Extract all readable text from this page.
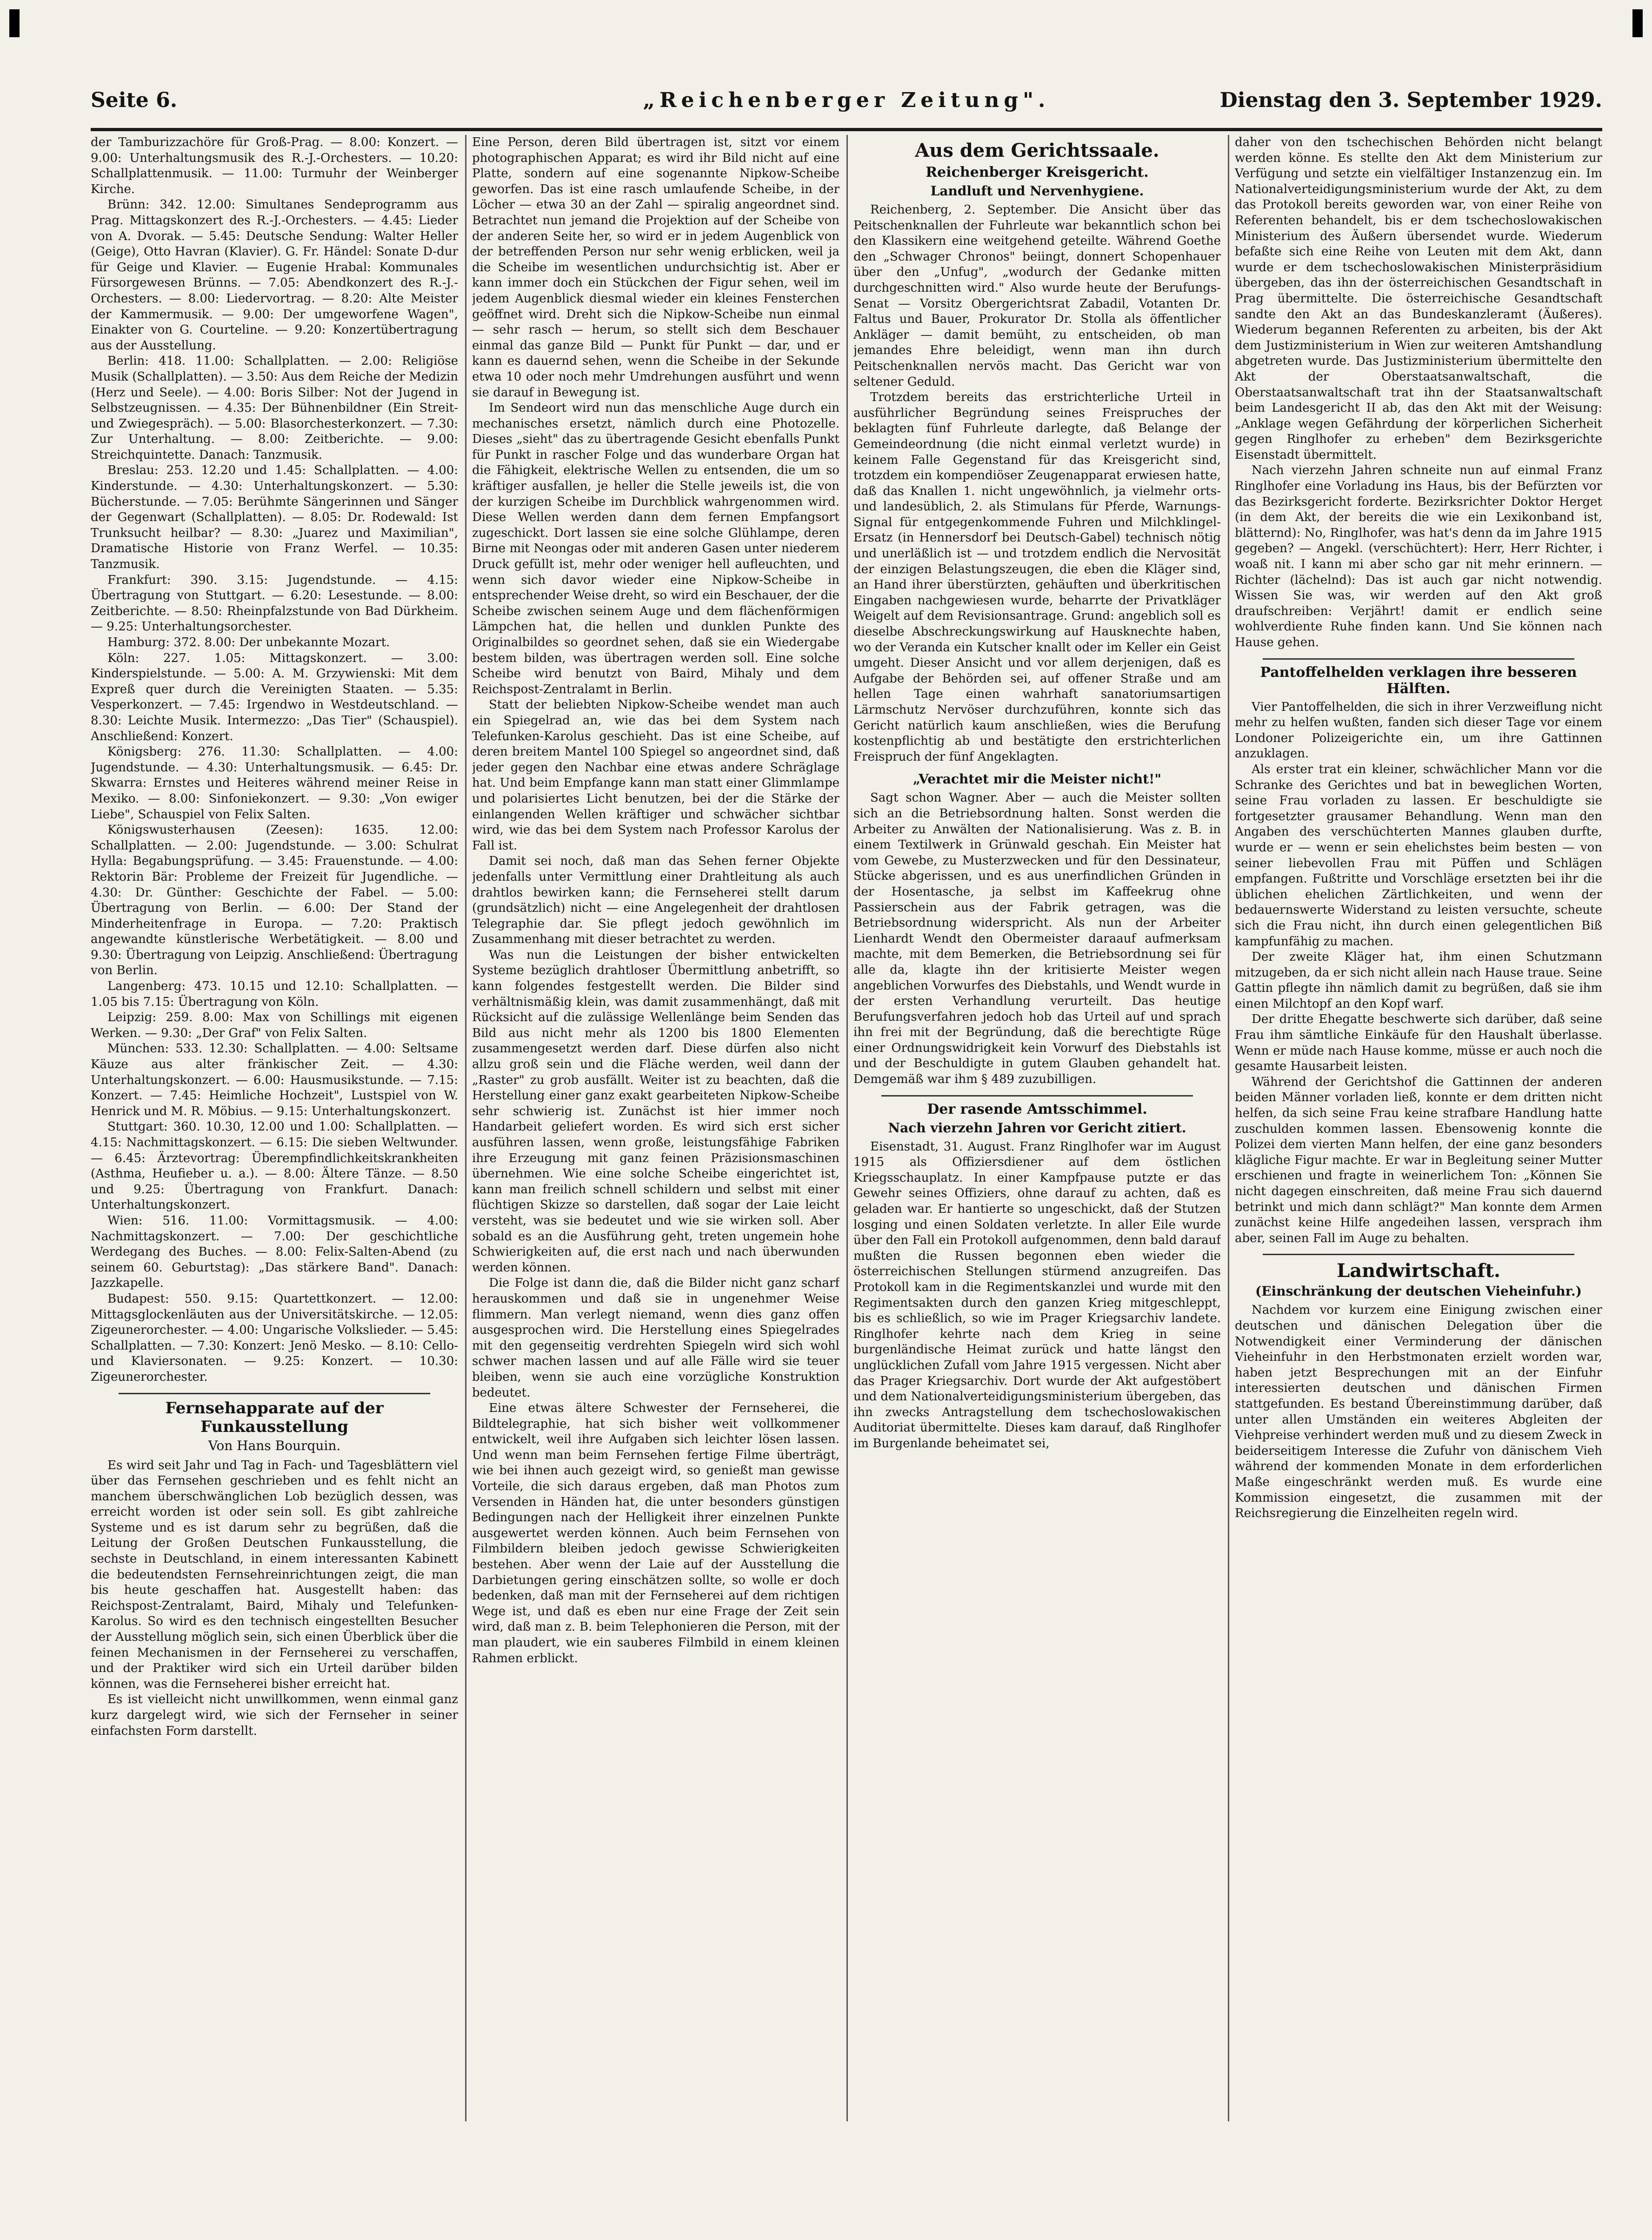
Seite 6.	„Reichenberger Zeitung".	Dienstag den 3. September 1929.

der Tamburizzachöre für Groß-Prag. — 8.00: Konzert. — 9.00: Unterhaltungsmusik des R.-J.-Orchesters. — 10.20: Schallplattenmusik. — 11.00: Turmuhr der Weinberger Kirche.

Brünn: 342. 12.00: Simultanes Sendeprogramm aus Prag. Mittagskonzert des R.-J.-Orchesters. — 4.45: Lieder von A. Dvorak. — 5.45: Deutsche Sendung: Walter Heller (Geige), Otto Havran (Klavier). G. Fr. Händel: Sonate D-dur für Geige und Klavier. — Eugenie Hrabal: Kommunales Fürsorgewesen Brünns. — 7.05: Abendkonzert des R.-J.-Orchesters. — 8.00: Liedervortrag. — 8.20: Alte Meister der Kammermusik. — 9.00: Der umgeworfene Wagen", Einakter von G. Courteline. — 9.20: Konzertübertragung aus der Ausstellung.

Berlin: 418. 11.00: Schallplatten. — 2.00: Religiöse Musik (Schallplatten). — 3.50: Aus dem Reiche der Medizin (Herz und Seele). — 4.00: Boris Silber: Not der Jugend in Selbstzeugnissen. — 4.35: Der Bühnenbildner (Ein Streit- und Zwiegespräch). — 5.00: Blasorchesterkonzert. — 7.30: Zur Unterhaltung. — 8.00: Zeitberichte. — 9.00: Streichquintette. Danach: Tanzmusik.

Breslau: 253. 12.20 und 1.45: Schallplatten. — 4.00: Kinderstunde. — 4.30: Unterhaltungskonzert. — 5.30: Bücherstunde. — 7.05: Berühmte Sängerinnen und Sänger der Gegenwart (Schallplatten). — 8.05: Dr. Rodewald: Ist Trunksucht heilbar? — 8.30: „Juarez und Maximilian", Dramatische Historie von Franz Werfel. — 10.35: Tanzmusik.

Frankfurt: 390. 3.15: Jugendstunde. — 4.15: Übertragung von Stuttgart. — 6.20: Lesestunde. — 8.00: Zeitberichte. — 8.50: Rheinpfalzstunde von Bad Dürkheim. — 9.25: Unterhaltungsorchester.

Hamburg: 372. 8.00: Der unbekannte Mozart.

Köln: 227. 1.05: Mittagskonzert. — 3.00: Kinderspielstunde. — 5.00: A. M. Grzywienski: Mit dem Expreß quer durch die Vereinigten Staaten. — 5.35: Vesperkonzert. — 7.45: Irgendwo in Westdeutschland. — 8.30: Leichte Musik. Intermezzo: „Das Tier" (Schauspiel). Anschließend: Konzert.

Königsberg: 276. 11.30: Schallplatten. — 4.00: Jugendstunde. — 4.30: Unterhaltungsmusik. — 6.45: Dr. Skwarra: Ernstes und Heiteres während meiner Reise in Mexiko. — 8.00: Sinfoniekonzert. — 9.30: „Von ewiger Liebe", Schauspiel von Felix Salten.

Königswusterhausen (Zeesen): 1635. 12.00: Schallplatten. — 2.00: Jugendstunde. — 3.00: Schulrat Hylla: Begabungsprüfung. — 3.45: Frauenstunde. — 4.00: Rektorin Bär: Probleme der Freizeit für Jugendliche. — 4.30: Dr. Günther: Geschichte der Fabel. — 5.00: Übertragung von Berlin. — 6.00: Der Stand der Minderheitenfrage in Europa. — 7.20: Praktisch angewandte künstlerische Werbetätigkeit. — 8.00 und 9.30: Übertragung von Leipzig. Anschließend: Übertragung von Berlin.

Langenberg: 473. 10.15 und 12.10: Schallplatten. — 1.05 bis 7.15: Übertragung von Köln.

Leipzig: 259. 8.00: Max von Schillings mit eigenen Werken. — 9.30: „Der Graf" von Felix Salten.

München: 533. 12.30: Schallplatten. — 4.00: Seltsame Käuze aus alter fränkischer Zeit. — 4.30: Unterhaltungskonzert. — 6.00: Hausmusikstunde. — 7.15: Konzert. — 7.45: Heimliche Hochzeit", Lustspiel von W. Henrick und M. R. Möbius. — 9.15: Unterhaltungskonzert.

Stuttgart: 360. 10.30, 12.00 und 1.00: Schallplatten. — 4.15: Nachmittagskonzert. — 6.15: Die sieben Weltwunder. — 6.45: Ärztevortrag: Überempfindlichkeitskrankheiten (Asthma, Heufieber u. a.). — 8.00: Ältere Tänze. — 8.50 und 9.25: Übertragung von Frankfurt. Danach: Unterhaltungskonzert.

Wien: 516. 11.00: Vormittagsmusik. — 4.00: Nachmittagskonzert. — 7.00: Der geschichtliche Werdegang des Buches. — 8.00: Felix-Salten-Abend (zu seinem 60. Geburtstag): „Das stärkere Band". Danach: Jazzkapelle.

Budapest: 550. 9.15: Quartettkonzert. — 12.00: Mittagsglockenläuten aus der Universitätskirche. — 12.05: Zigeunerorchester. — 4.00: Ungarische Volkslieder. — 5.45: Schallplatten. — 7.30: Konzert: Jenö Mesko. — 8.10: Cello- und Klaviersonaten. — 9.25: Konzert. — 10.30: Zigeunerorchester.

Fernsehapparate auf der Funkausstellung
Von Hans Bourquin.

Es wird seit Jahr und Tag in Fach- und Tagesblättern viel über das Fernsehen geschrieben und es fehlt nicht an manchem überschwänglichen Lob bezüglich dessen, was erreicht worden ist oder sein soll. Es gibt zahlreiche Systeme und es ist darum sehr zu begrüßen, daß die Leitung der Großen Deutschen Funkausstellung, die sechste in Deutschland, in einem interessanten Kabinett die bedeutendsten Fernsehreinrichtungen zeigt, die man bis heute geschaffen hat. Ausgestellt haben: das Reichspost-Zentralamt, Baird, Mihaly und Telefunken-Karolus. So wird es den technisch eingestellten Besucher der Ausstellung möglich sein, sich einen Überblick über die feinen Mechanismen in der Fernseherei zu verschaffen, und der Praktiker wird sich ein Urteil darüber bilden können, was die Fernseherei bisher erreicht hat.

Es ist vielleicht nicht unwillkommen, wenn einmal ganz kurz dargelegt wird, wie sich der Fernseher in seiner einfachsten Form darstellt.

Eine Person, deren Bild übertragen ist, sitzt vor einem photographischen Apparat; es wird ihr Bild nicht auf eine Platte, sondern auf eine sogenannte Nipkow-Scheibe geworfen. Das ist eine rasch umlaufende Scheibe, in der Löcher — etwa 30 an der Zahl — spiralig angeordnet sind. Betrachtet nun jemand die Projektion auf der Scheibe von der anderen Seite her, so wird er in jedem Augenblick von der betreffenden Person nur sehr wenig erblicken, weil ja die Scheibe im wesentlichen undurchsichtig ist. Aber er kann immer doch ein Stückchen der Figur sehen, weil im jedem Augenblick diesmal wieder ein kleines Fensterchen geöffnet wird. Dreht sich die Nipkow-Scheibe nun einmal — sehr rasch — herum, so stellt sich dem Beschauer einmal das ganze Bild — Punkt für Punkt — dar, und er kann es dauernd sehen, wenn die Scheibe in der Sekunde etwa 10 oder noch mehr Umdrehungen ausführt und wenn sie darauf in Bewegung ist.

Im Sendeort wird nun das menschliche Auge durch ein mechanisches ersetzt, nämlich durch eine Photozelle. Dieses „sieht" das zu übertragende Gesicht ebenfalls Punkt für Punkt in rascher Folge und das wunderbare Organ hat die Fähigkeit, elektrische Wellen zu entsenden, die um so kräftiger ausfallen, je heller die Stelle jeweils ist, die von der kurzigen Scheibe im Durchblick wahrgenommen wird. Diese Wellen werden dann dem fernen Empfangsort zugeschickt. Dort lassen sie eine solche Glühlampe, deren Birne mit Neongas oder mit anderen Gasen unter niederem Druck gefüllt ist, mehr oder weniger hell aufleuchten, und wenn sich davor wieder eine Nipkow-Scheibe in entsprechender Weise dreht, so wird ein Beschauer, der die Scheibe zwischen seinem Auge und dem flächenförmigen Lämpchen hat, die hellen und dunklen Punkte des Originalbildes so geordnet sehen, daß sie ein Wiedergabe bestem bilden, was übertragen werden soll. Eine solche Scheibe wird benutzt von Baird, Mihaly und dem Reichspost-Zentralamt in Berlin.

Statt der beliebten Nipkow-Scheibe wendet man auch ein Spiegelrad an, wie das bei dem System nach Telefunken-Karolus geschieht. Das ist eine Scheibe, auf deren breitem Mantel 100 Spiegel so angeordnet sind, daß jeder gegen den Nachbar eine etwas andere Schräglage hat. Und beim Empfange kann man statt einer Glimmlampe und polarisiertes Licht benutzen, bei der die Stärke der einlangenden Wellen kräftiger und schwächer sichtbar wird, wie das bei dem System nach Professor Karolus der Fall ist.

Damit sei noch, daß man das Sehen ferner Objekte jedenfalls unter Vermittlung einer Drahtleitung als auch drahtlos bewirken kann; die Fernseherei stellt darum (grundsätzlich) nicht — eine Angelegenheit der drahtlosen Telegraphie dar. Sie pflegt jedoch gewöhnlich im Zusammenhang mit dieser betrachtet zu werden.

Was nun die Leistungen der bisher entwickelten Systeme bezüglich drahtloser Übermittlung anbetrifft, so kann folgendes festgestellt werden. Die Bilder sind verhältnismäßig klein, was damit zusammenhängt, daß mit Rücksicht auf die zulässige Wellenlänge beim Senden das Bild aus nicht mehr als 1200 bis 1800 Elementen zusammengesetzt werden darf. Diese dürfen also nicht allzu groß sein und die Fläche werden, weil dann der „Raster" zu grob ausfällt. Weiter ist zu beachten, daß die Herstellung einer ganz exakt gearbeiteten Nipkow-Scheibe sehr schwierig ist. Zunächst ist hier immer noch Handarbeit geliefert worden. Es wird sich erst sicher ausführen lassen, wenn große, leistungsfähige Fabriken ihre Erzeugung mit ganz feinen Präzisionsmaschinen übernehmen. Wie eine solche Scheibe eingerichtet ist, kann man freilich schnell schildern und selbst mit einer flüchtigen Skizze so darstellen, daß sogar der Laie leicht versteht, was sie bedeutet und wie sie wirken soll. Aber sobald es an die Ausführung geht, treten ungemein hohe Schwierigkeiten auf, die erst nach und nach überwunden werden können.

Die Folge ist dann die, daß die Bilder nicht ganz scharf herauskommen und daß sie in ungenehmer Weise flimmern. Man verlegt niemand, wenn dies ganz offen ausgesprochen wird. Die Herstellung eines Spiegelrades mit den gegenseitig verdrehten Spiegeln wird sich wohl schwer machen lassen und auf alle Fälle wird sie teuer bleiben, wenn sie auch eine vorzügliche Konstruktion bedeutet.

Eine etwas ältere Schwester der Fernseherei, die Bildtelegraphie, hat sich bisher weit vollkommener entwickelt, weil ihre Aufgaben sich leichter lösen lassen. Und wenn man beim Fernsehen fertige Filme überträgt, wie bei ihnen auch gezeigt wird, so genießt man gewisse Vorteile, die sich daraus ergeben, daß man Photos zum Versenden in Händen hat, die unter besonders günstigen Bedingungen nach der Helligkeit ihrer einzelnen Punkte ausgewertet werden können. Auch beim Fernsehen von Filmbildern bleiben jedoch gewisse Schwierigkeiten bestehen. Aber wenn der Laie auf der Ausstellung die Darbietungen gering einschätzen sollte, so wolle er doch bedenken, daß man mit der Fernseherei auf dem richtigen Wege ist, und daß es eben nur eine Frage der Zeit sein wird, daß man z. B. beim Telephonieren die Person, mit der man plaudert, wie ein sauberes Filmbild in einem kleinen Rahmen erblickt.

Aus dem Gerichtssaale.
Reichenberger Kreisgericht.
Landluft und Nervenhygiene.

Reichenberg, 2. September. Die Ansicht über das Peitschenknallen der Fuhrleute war bekanntlich schon bei den Klassikern eine weitgehend geteilte. Während Goethe den „Schwager Chronos" beiingt, donnert Schopenhauer über den „Unfug", „wodurch der Gedanke mitten durchgeschnitten wird." Also wurde heute der Berufungs-Senat — Vorsitz Obergerichtsrat Zabadil, Votanten Dr. Faltus und Bauer, Prokurator Dr. Stolla als öffentlicher Ankläger — damit bemüht, zu entscheiden, ob man jemandes Ehre beleidigt, wenn man ihn durch Peitschenknallen nervös macht. Das Gericht war von seltener Geduld.

Trotzdem bereits das erstrichterliche Urteil in ausführlicher Begründung seines Freispruches der beklagten fünf Fuhrleute darlegte, daß Belange der Gemeindeordnung (die nicht einmal verletzt wurde) in keinem Falle Gegenstand für das Kreisgericht sind, trotzdem ein kompendiöser Zeugenapparat erwiesen hatte, daß das Knallen 1. nicht ungewöhnlich, ja vielmehr orts- und landesüblich, 2. als Stimulans für Pferde, Warnungs-Signal für entgegenkommende Fuhren und Milchklingel-Ersatz (in Hennersdorf bei Deutsch-Gabel) technisch nötig und unerläßlich ist — und trotzdem endlich die Nervosität der einzigen Belastungszeugen, die eben die Kläger sind, an Hand ihrer überstürzten, gehäuften und überkritischen Eingaben nachgewiesen wurde, beharrte der Privatkläger Weigelt auf dem Revisionsantrage. Grund: angeblich soll es dieselbe Abschreckungswirkung auf Hausknechte haben, wo der Veranda ein Kutscher knallt oder im Keller ein Geist umgeht. Dieser Ansicht und vor allem derjenigen, daß es Aufgabe der Behörden sei, auf offener Straße und am hellen Tage einen wahrhaft sanatoriumsartigen Lärmschutz Nervöser durchzuführen, konnte sich das Gericht natürlich kaum anschließen, wies die Berufung kostenpflichtig ab und bestätigte den erstrichterlichen Freispruch der fünf Angeklagten.

„Verachtet mir die Meister nicht!"

Sagt schon Wagner. Aber — auch die Meister sollten sich an die Betriebsordnung halten. Sonst werden die Arbeiter zu Anwälten der Nationalisierung. Was z. B. in einem Textilwerk in Grünwald geschah. Ein Meister hat vom Gewebe, zu Musterzwecken und für den Dessinateur, Stücke abgerissen, und es aus unerfindlichen Gründen in der Hosentasche, ja selbst im Kaffeekrug ohne Passierschein aus der Fabrik getragen, was die Betriebsordnung widerspricht. Als nun der Arbeiter Lienhardt Wendt den Obermeister daraauf aufmerksam machte, mit dem Bemerken, die Betriebsordnung sei für alle da, klagte ihn der kritisierte Meister wegen angeblichen Vorwurfes des Diebstahls, und Wendt wurde in der ersten Verhandlung verurteilt. Das heutige Berufungsverfahren jedoch hob das Urteil auf und sprach ihn frei mit der Begründung, daß die berechtigte Rüge einer Ordnungswidrigkeit kein Vorwurf des Diebstahls ist und der Beschuldigte in gutem Glauben gehandelt hat. Demgemäß war ihm § 489 zuzubilligen.

Der rasende Amtsschimmel.
Nach vierzehn Jahren vor Gericht zitiert.

Eisenstadt, 31. August. Franz Ringlhofer war im August 1915 als Offiziersdiener auf dem östlichen Kriegsschauplatz. In einer Kampfpause putzte er das Gewehr seines Offiziers, ohne darauf zu achten, daß es geladen war. Er hantierte so ungeschickt, daß der Stutzen losging und einen Soldaten verletzte. In aller Eile wurde über den Fall ein Protokoll aufgenommen, denn bald darauf mußten die Russen begonnen eben wieder die österreichischen Stellungen stürmend anzugreifen. Das Protokoll kam in die Regimentskanzlei und wurde mit den Regimentsakten durch den ganzen Krieg mitgeschleppt, bis es schließlich, so wie im Prager Kriegsarchiv landete. Ringlhofer kehrte nach dem Krieg in seine burgenländische Heimat zurück und hatte längst den unglücklichen Zufall vom Jahre 1915 vergessen. Nicht aber das Prager Kriegsarchiv. Dort wurde der Akt aufgestöbert und dem Nationalverteidigungsministerium übergeben, das ihn zwecks Antragstellung dem tschechoslowakischen Auditoriat übermittelte. Dieses kam darauf, daß Ringlhofer im Burgenlande beheimatet sei,

daher von den tschechischen Behörden nicht belangt werden könne. Es stellte den Akt dem Ministerium zur Verfügung und setzte ein vielfältiger Instanzenzug ein. Im Nationalverteidigungsministerium wurde der Akt, zu dem das Protokoll bereits geworden war, von einer Reihe von Referenten behandelt, bis er dem tschechoslowakischen Ministerium des Äußern übersendet wurde. Wiederum befaßte sich eine Reihe von Leuten mit dem Akt, dann wurde er dem tschechoslowakischen Ministerpräsidium übergeben, das ihn der österreichischen Gesandtschaft in Prag übermittelte. Die österreichische Gesandtschaft sandte den Akt an das Bundeskanzleramt (Äußeres). Wiederum begannen Referenten zu arbeiten, bis der Akt dem Justizministerium in Wien zur weiteren Amtshandlung abgetreten wurde. Das Justizministerium übermittelte den Akt der Oberstaatsanwaltschaft, die Oberstaatsanwaltschaft trat ihn der Staatsanwaltschaft beim Landesgericht II ab, das den Akt mit der Weisung: „Anklage wegen Gefährdung der körperlichen Sicherheit gegen Ringlhofer zu erheben" dem Bezirksgerichte Eisenstadt übermittelt.

Nach vierzehn Jahren schneite nun auf einmal Franz Ringlhofer eine Vorladung ins Haus, bis der Befürzten vor das Bezirksgericht forderte. Bezirksrichter Doktor Herget (in dem Akt, der bereits die wie ein Lexikonband ist, blätternd): No, Ringlhofer, was hat's denn da im Jahre 1915 gegeben? — Angekl. (verschüchtert): Herr, Herr Richter, i woaß nit. I kann mi aber scho gar nit mehr erinnern. — Richter (lächelnd): Das ist auch gar nicht notwendig. Wissen Sie was, wir werden auf den Akt groß draufschreiben: Verjährt! damit er endlich seine wohlverdiente Ruhe finden kann. Und Sie können nach Hause gehen.

Pantoffelhelden verklagen ihre besseren Hälften.

Vier Pantoffelhelden, die sich in ihrer Verzweiflung nicht mehr zu helfen wußten, fanden sich dieser Tage vor einem Londoner Polizeigerichte ein, um ihre Gattinnen anzuklagen.

Als erster trat ein kleiner, schwächlicher Mann vor die Schranke des Gerichtes und bat in beweglichen Worten, seine Frau vorladen zu lassen. Er beschuldigte sie fortgesetzter grausamer Behandlung. Wenn man den Angaben des verschüchterten Mannes glauben durfte, wurde er — wenn er sein ehelichstes beim besten — von seiner liebevollen Frau mit Püffen und Schlägen empfangen. Fußtritte und Vorschläge ersetzten bei ihr die üblichen ehelichen Zärtlichkeiten, und wenn der bedauernswerte Widerstand zu leisten versuchte, scheute sich die Frau nicht, ihn durch einen gelegentlichen Biß kampfunfähig zu machen.

Der zweite Kläger hat, ihm einen Schutzmann mitzugeben, da er sich nicht allein nach Hause traue. Seine Gattin pflegte ihn nämlich damit zu begrüßen, daß sie ihm einen Milchtopf an den Kopf warf.

Der dritte Ehegatte beschwerte sich darüber, daß seine Frau ihm sämtliche Einkäufe für den Haushalt überlasse. Wenn er müde nach Hause komme, müsse er auch noch die gesamte Hausarbeit leisten.

Während der Gerichtshof die Gattinnen der anderen beiden Männer vorladen ließ, konnte er dem dritten nicht helfen, da sich seine Frau keine strafbare Handlung hatte zuschulden kommen lassen. Ebensowenig konnte die Polizei dem vierten Mann helfen, der eine ganz besonders klägliche Figur machte. Er war in Begleitung seiner Mutter erschienen und fragte in weinerlichem Ton: „Können Sie nicht dagegen einschreiten, daß meine Frau sich dauernd betrinkt und mich dann schlägt?" Man konnte dem Armen zunächst keine Hilfe angedeihen lassen, versprach ihm aber, seinen Fall im Auge zu behalten.

Landwirtschaft.
(Einschränkung der deutschen Vieheinfuhr.)

Nachdem vor kurzem eine Einigung zwischen einer deutschen und dänischen Delegation über die Notwendigkeit einer Verminderung der dänischen Vieheinfuhr in den Herbstmonaten erzielt worden war, haben jetzt Besprechungen mit an der Einfuhr interessierten deutschen und dänischen Firmen stattgefunden. Es bestand Übereinstimmung darüber, daß unter allen Umständen ein weiteres Abgleiten der Viehpreise verhindert werden muß und zu diesem Zweck in beiderseitigem Interesse die Zufuhr von dänischem Vieh während der kommenden Monate in dem erforderlichen Maße eingeschränkt werden muß. Es wurde eine Kommission eingesetzt, die zusammen mit der Reichsregierung die Einzelheiten regeln wird.
